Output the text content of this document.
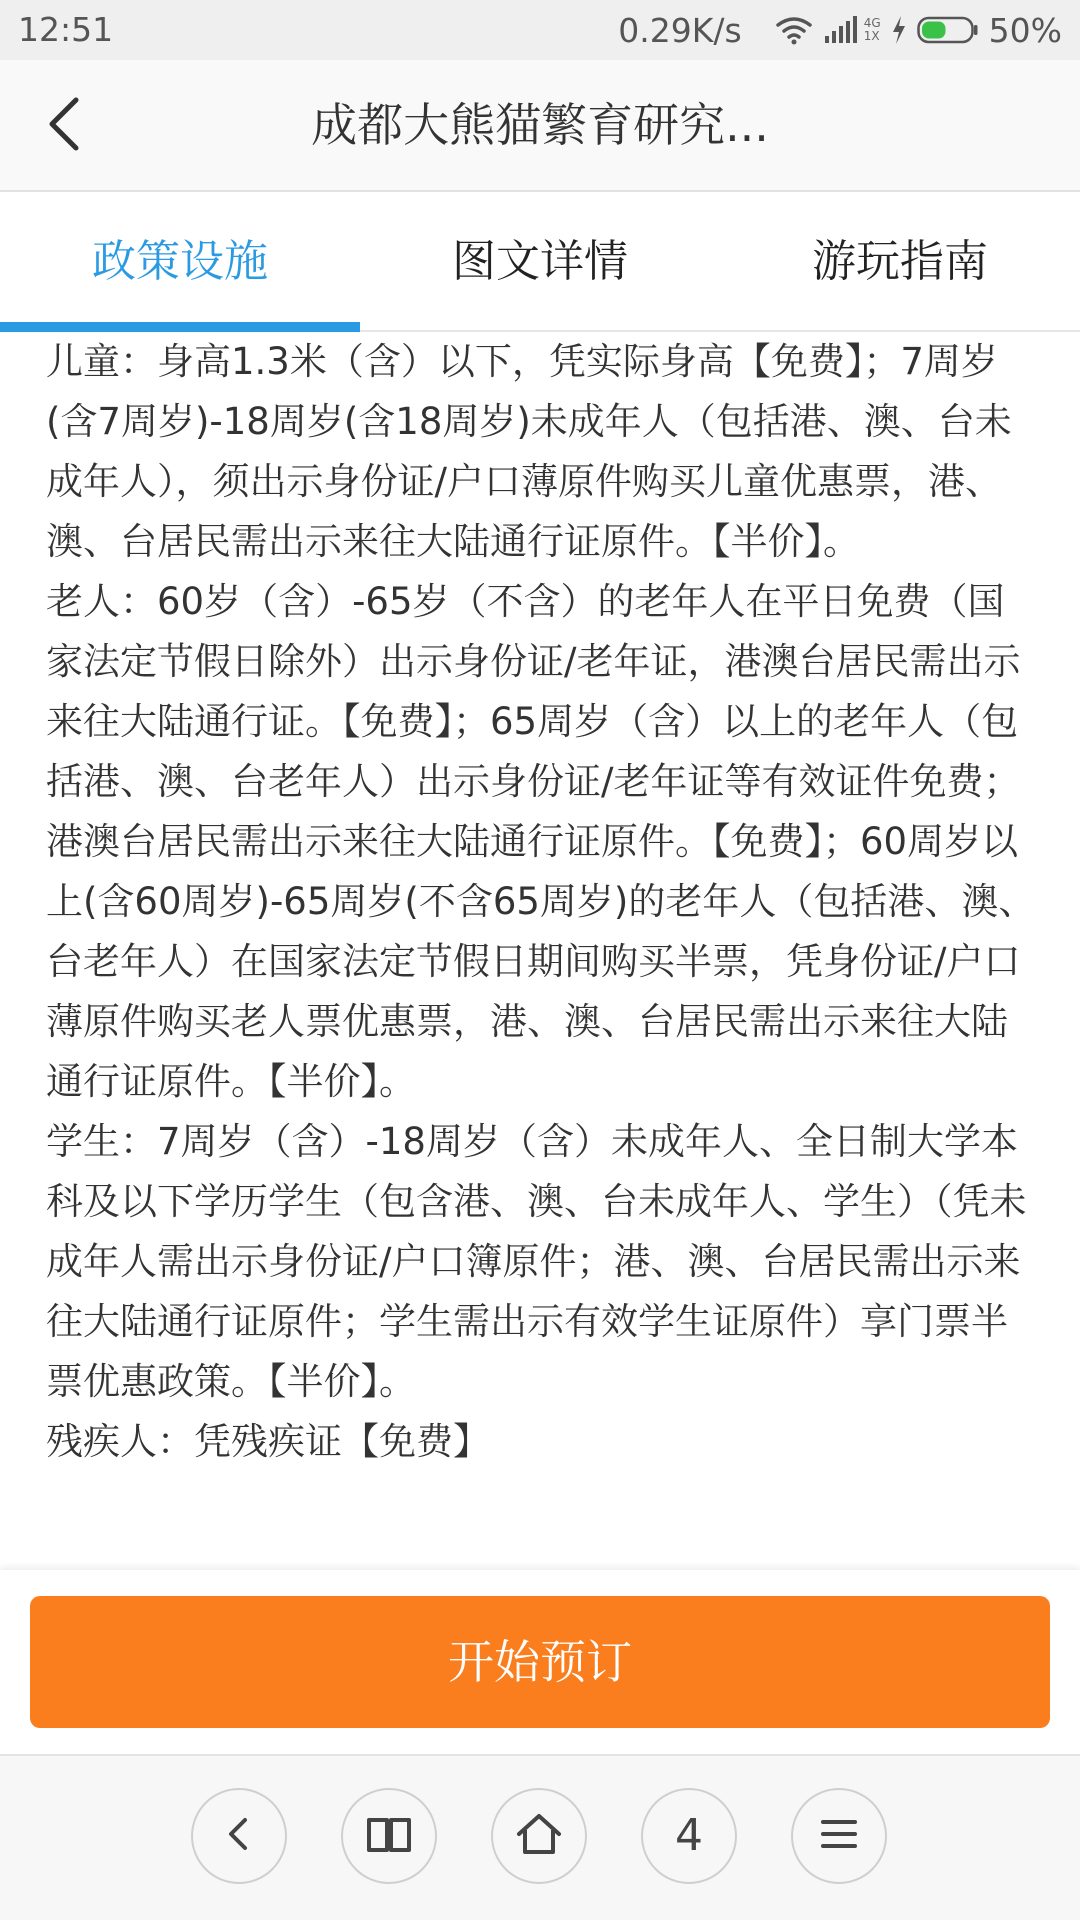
12:51	0.29K/s	4G
1X	50%
成都大熊猫繁育研究...
政策设施	图文详情	游玩指南

儿童：身高1.3米（含）以下，凭实际身高【免费】；7周岁(含7周岁)-18周岁(含18周岁)未成年人（包括港、澳、台未成年人），须出示身份证/户口薄原件购买儿童优惠票，港、澳、台居民需出示来往大陆通行证原件。【半价】。

老人：60岁（含）-65岁（不含）的老年人在平日免费（国家法定节假日除外）出示身份证/老年证，港澳台居民需出示来往大陆通行证。【免费】；65周岁（含）以上的老年人（包括港、澳、台老年人）出示身份证/老年证等有效证件免费；港澳台居民需出示来往大陆通行证原件。【免费】；60周岁以上(含60周岁)-65周岁(不含65周岁)的老年人（包括港、澳、台老年人）在国家法定节假日期间购买半票，凭身份证/户口薄原件购买老人票优惠票，港、澳、台居民需出示来往大陆通行证原件。【半价】。

学生：7周岁（含）-18周岁（含）未成年人、全日制大学本科及以下学历学生（包含港、澳、台未成年人、学生）（凭未成年人需出示身份证/户口簿原件；港、澳、台居民需出示来往大陆通行证原件；学生需出示有效学生证原件）享门票半票优惠政策。【半价】。

残疾人：凭残疾证【免费】

开始预订
4
